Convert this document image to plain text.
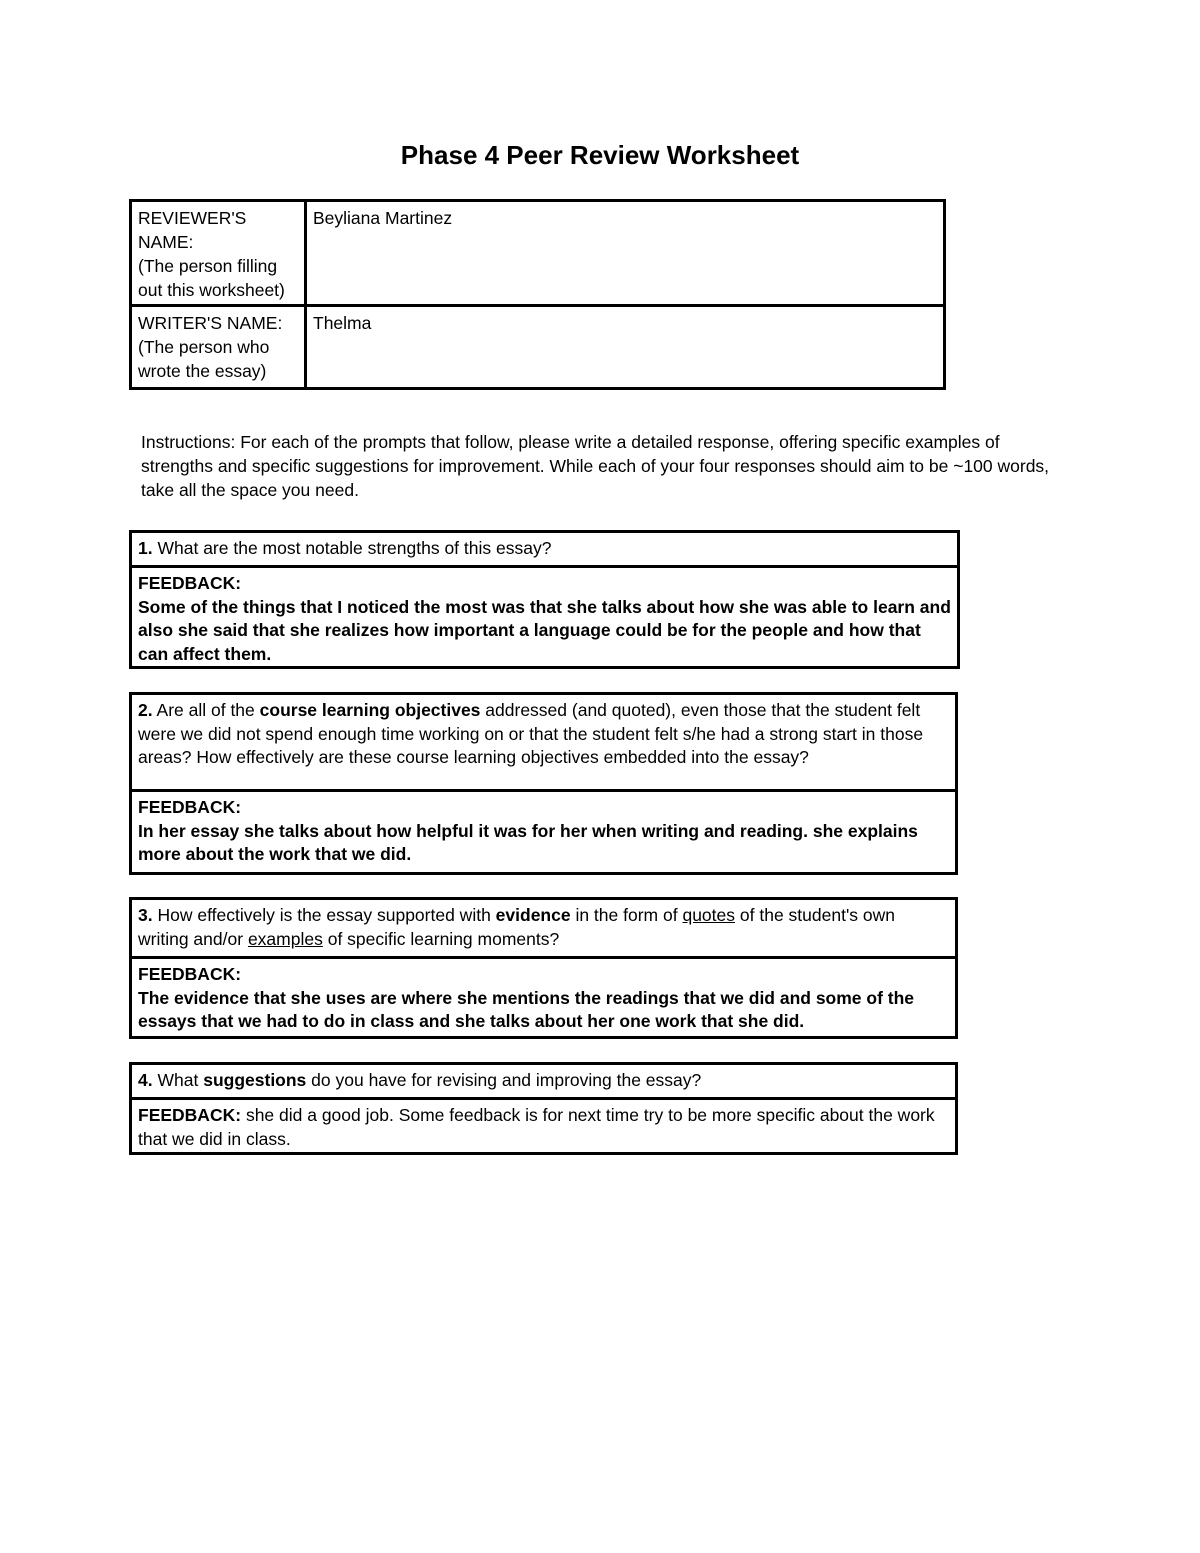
Phase 4 Peer Review Worksheet
REVIEWER'S NAME:
(The person filling out this worksheet)	Beyliana Martinez
WRITER'S NAME:
(The person who wrote the essay)	Thelma
Instructions: For each of the prompts that follow, please write a detailed response, offering specific examples of strengths and specific suggestions for improvement. While each of your four responses should aim to be ~100 words, take all the space you need.
1. What are the most notable strengths of this essay?
FEEDBACK:
Some of the things that I noticed the most was that she talks about how she was able to learn and also she said that she realizes how important a language could be for the people and how that can affect them.
2. Are all of the course learning objectives addressed (and quoted), even those that the student felt were we did not spend enough time working on or that the student felt s/he had a strong start in those areas? How effectively are these course learning objectives embedded into the essay?
FEEDBACK:
In her essay she talks about how helpful it was for her when writing and reading. she explains more about the work that we did.
3. How effectively is the essay supported with evidence in the form of quotes of the student's own writing and/or examples of specific learning moments?
FEEDBACK:
The evidence that she uses are where she mentions the readings that we did and some of the essays that we had to do in class and she talks about her one work that she did.
4. What suggestions do you have for revising and improving the essay?
FEEDBACK: she did a good job. Some feedback is for next time try to be more specific about the work that we did in class.
